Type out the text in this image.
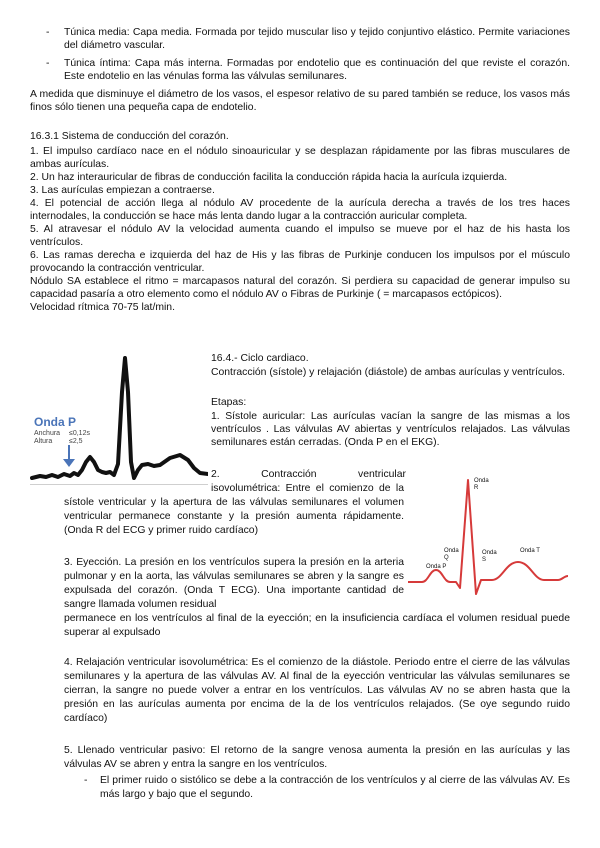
- Túnica media: Capa media. Formada por tejido muscular liso y tejido conjuntivo elástico. Permite variaciones del diámetro vascular.
- Túnica íntima: Capa más interna. Formadas por endotelio que es continuación del que reviste el corazón. Este endotelio en las vénulas forma las válvulas semilunares.
A medida que disminuye el diámetro de los vasos, el espesor relativo de su pared también se reduce, los vasos más finos sólo tienen una pequeña capa de endotelio.
16.3.1 Sistema de conducción del corazón.

1. El impulso cardíaco nace en el nódulo sinoauricular y se desplazan rápidamente por las fibras musculares de ambas aurículas.

2. Un haz interauricular de fibras de conducción facilita la conducción rápida hacia la aurícula izquierda.

3. Las aurículas empiezan a contraerse.

4. El potencial de acción llega al nódulo AV procedente de la aurícula derecha a través de los tres haces internodales, la conducción se hace más lenta dando lugar a la contracción auricular completa.

5. Al atravesar el nódulo AV la velocidad aumenta cuando el impulso se mueve por el haz de his hasta los ventrículos.

6. Las ramas derecha e izquierda del haz de His y las fibras de Purkinje conducen los impulsos por el músculo provocando la contracción ventricular.

Nódulo SA establece el ritmo = marcapasos natural del corazón. Si perdiera su capacidad de generar impulso su capacidad pasaría a otro elemento como el nódulo AV o Fibras de Purkinje ( = marcapasos ectópicos).

Velocidad rítmica 70-75 lat/min.

Onda P
Anchura ≤0,12s
Altura ≤2,5
16.4.- Ciclo cardiaco.
Contracción (sístole) y relajación (diástole) de ambas aurículas y ventrículos.
Etapas:
1. Sístole auricular: Las aurículas vacían la sangre de las mismas a los ventrículos . Las válvulas AV abiertas y ventrículos relajados. Las válvulas semilunares están cerradas. (Onda P en el EKG).
2. Contracción ventricular
isovolumétrica: Entre el comienzo de la sístole ventricular y la apertura de las válvulas semilunares el volumen ventricular permanece constante y la presión aumenta rápidamente. (Onda R del ECG y primer ruido cardíaco)
Onda
R
Onda
Q
Onda
S
Onda P
Onda T
3. Eyección. La presión en los ventrículos supera la presión en la arteria pulmonar y en la aorta, las válvulas semilunares se abren y la sangre es expulsada del corazón. (Onda T ECG). Una importante cantidad de sangre llamada volumen residual
permanece en los ventrículos al final de la eyección; en la insuficiencia cardíaca el volumen residual puede superar al expulsado
4. Relajación ventricular isovolumétrica: Es el comienzo de la diástole. Periodo entre el cierre de las válvulas semilunares y la apertura de las válvulas AV. Al final de la eyección ventricular las válvulas semilunares se cierran, la sangre no puede volver a entrar en los ventrículos. Las válvulas AV no se abren hasta que la presión en las aurículas aumenta por encima de la de los ventrículos relajados. (Se oye segundo ruido cardíaco)
5. Llenado ventricular pasivo: El retorno de la sangre venosa aumenta la presión en las aurículas y las válvulas AV se abren y entra la sangre en los ventrículos.
- El primer ruido o sistólico se debe a la contracción de los ventrículos y al cierre de las válvulas AV. Es más largo y bajo que el segundo.
